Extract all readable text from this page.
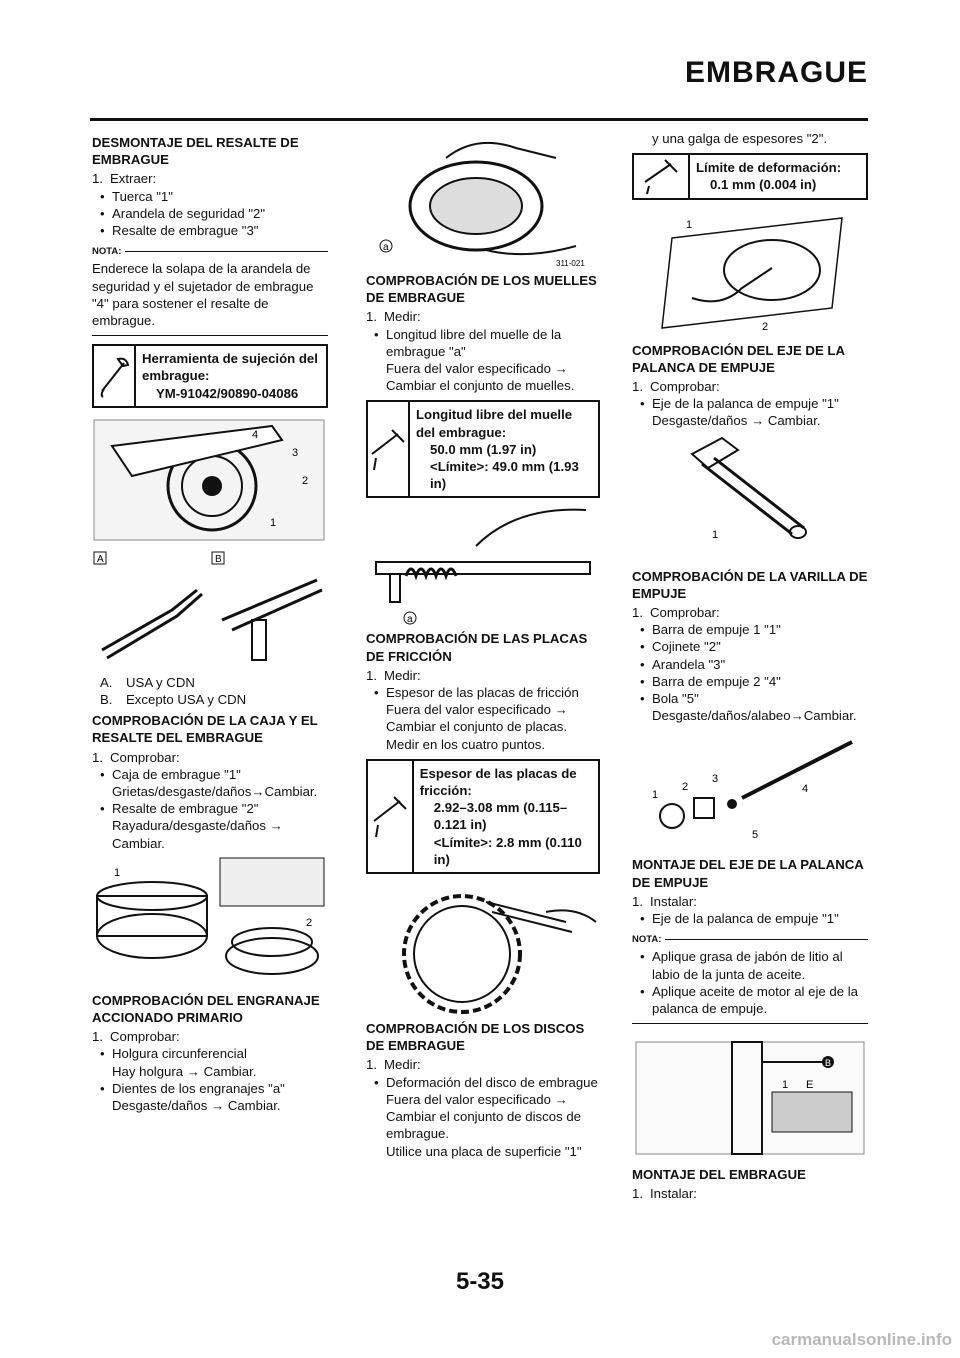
EMBRAGUE
DESMONTAJE DEL RESALTE DE EMBRAGUE

1. Extraer:

• Tuerca "1"

• Arandela de seguridad "2"

• Resalte de embrague "3"

NOTA:

Enderece la solapa de la arandela de seguridad y el sujetador de embrague "4" para sostener el resalte de embrague.

Herramienta de sujeción del embrague:
YM-91042/90890-04086
4
3
2
1
A	B

A. USA y CDN

B. Excepto USA y CDN

COMPROBACIÓN DE LA CAJA Y EL RESALTE DEL EMBRAGUE

1. Comprobar:

• Caja de embrague "1"

Grietas/desgaste/daños→Cambiar.

• Resalte de embrague "2"

Rayadura/desgaste/daños → Cambiar.

1
2
COMPROBACIÓN DEL ENGRANAJE ACCIONADO PRIMARIO

1. Comprobar:

• Holgura circunferencial

Hay holgura → Cambiar.

• Dientes de los engranajes "a"

Desgaste/daños → Cambiar.

a
311-021
COMPROBACIÓN DE LOS MUELLES DE EMBRAGUE

1. Medir:

• Longitud libre del muelle de la embrague "a"

Fuera del valor especificado →

Cambiar el conjunto de muelles.

Longitud libre del muelle del embrague:
50.0 mm (1.97 in)
<Límite>: 49.0 mm (1.93 in)
a
COMPROBACIÓN DE LAS PLACAS DE FRICCIÓN

1. Medir:

• Espesor de las placas de fricción

Fuera del valor especificado →

Cambiar el conjunto de placas.

Medir en los cuatro puntos.

Espesor de las placas de fricción:
2.92–3.08 mm (0.115–0.121 in)
<Límite>: 2.8 mm (0.110 in)
COMPROBACIÓN DE LOS DISCOS DE EMBRAGUE

1. Medir:

• Deformación del disco de embrague

Fuera del valor especificado →

Cambiar el conjunto de discos de embrague.

Utilice una placa de superficie "1"

y una galga de espesores "2".

Límite de deformación:
0.1 mm (0.004 in)
1
2
COMPROBACIÓN DEL EJE DE LA PALANCA DE EMPUJE

1. Comprobar:

• Eje de la palanca de empuje "1"

Desgaste/daños → Cambiar.

1
COMPROBACIÓN DE LA VARILLA DE EMPUJE

1. Comprobar:

• Barra de empuje 1 "1"

• Cojinete "2"

• Arandela "3"

• Barra de empuje 2 "4"

• Bola "5"

Desgaste/daños/alabeo→Cambiar.

1
2
3
4
5
MONTAJE DEL EJE DE LA PALANCA DE EMPUJE

1. Instalar:

• Eje de la palanca de empuje "1"

NOTA:

• Aplique grasa de jabón de litio al labio de la junta de aceite.

• Aplique aceite de motor al eje de la palanca de empuje.

B
1 E
MONTAJE DEL EMBRAGUE

1. Instalar:

5-35
carmanualsonline.info
